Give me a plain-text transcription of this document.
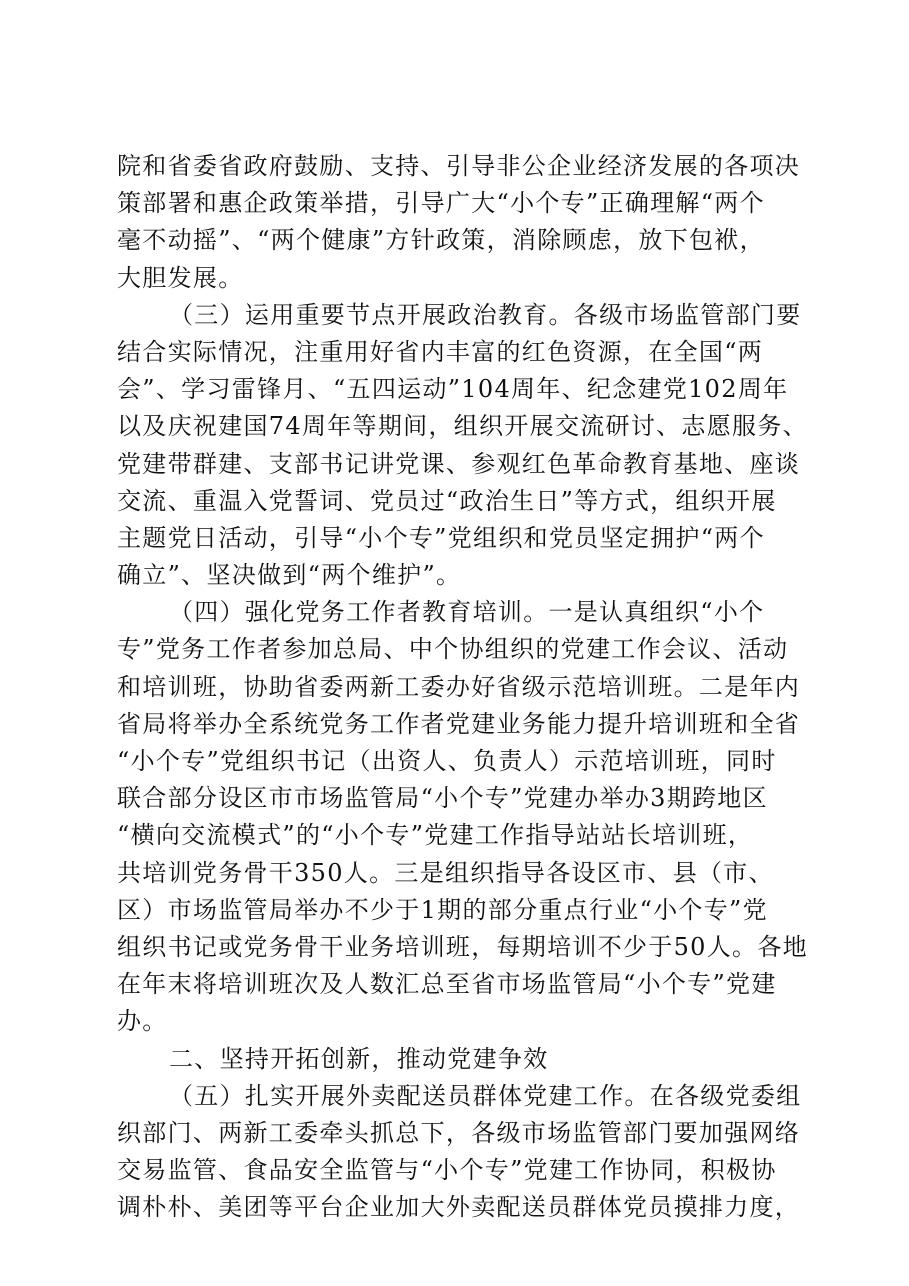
院和省委省政府鼓励、支持、引导非公企业经济发展的各项决
策部署和惠企政策举措，引导广大“小个专”正确理解“两个
毫不动摇”、“两个健康”方针政策，消除顾虑，放下包袱，
大胆发展。
（三）运用重要节点开展政治教育。各级市场监管部门要
结合实际情况，注重用好省内丰富的红色资源，在全国“两
会”、学习雷锋月、“五四运动”104周年、纪念建党102周年
以及庆祝建国74周年等期间，组织开展交流研讨、志愿服务、
党建带群建、支部书记讲党课、参观红色革命教育基地、座谈
交流、重温入党誓词、党员过“政治生日”等方式，组织开展
主题党日活动，引导“小个专”党组织和党员坚定拥护“两个
确立”、坚决做到“两个维护”。
（四）强化党务工作者教育培训。一是认真组织“小个
专”党务工作者参加总局、中个协组织的党建工作会议、活动
和培训班，协助省委两新工委办好省级示范培训班。二是年内
省局将举办全系统党务工作者党建业务能力提升培训班和全省
“小个专”党组织书记（出资人、负责人）示范培训班，同时
联合部分设区市市场监管局“小个专”党建办举办3期跨地区
“横向交流模式”的“小个专”党建工作指导站站长培训班，
共培训党务骨干350人。三是组织指导各设区市、县（市、
区）市场监管局举办不少于1期的部分重点行业“小个专”党
组织书记或党务骨干业务培训班，每期培训不少于50人。各地
在年末将培训班次及人数汇总至省市场监管局“小个专”党建
办。
二、坚持开拓创新，推动党建争效
（五）扎实开展外卖配送员群体党建工作。在各级党委组
织部门、两新工委牵头抓总下，各级市场监管部门要加强网络
交易监管、食品安全监管与“小个专”党建工作协同，积极协
调朴朴、美团等平台企业加大外卖配送员群体党员摸排力度，
